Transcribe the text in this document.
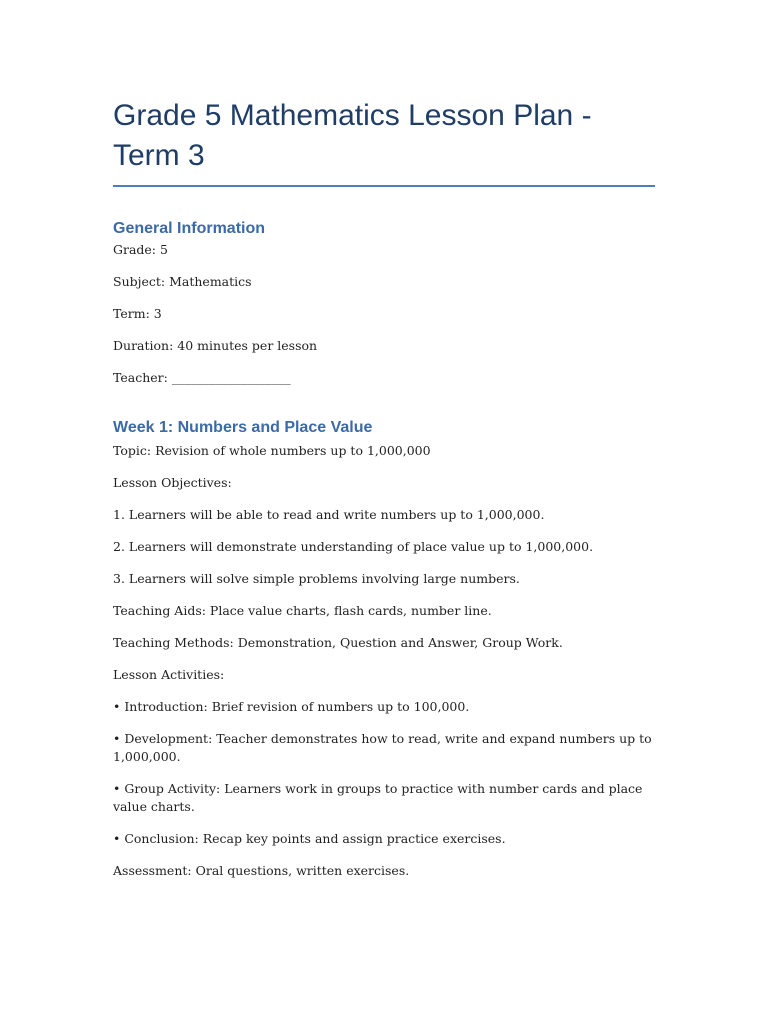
Grade 5 Mathematics Lesson Plan - Term 3
General Information

Grade: 5

Subject: Mathematics

Term: 3

Duration: 40 minutes per lesson

Teacher: ___________________

Week 1: Numbers and Place Value

Topic: Revision of whole numbers up to 1,000,000

Lesson Objectives:

1. Learners will be able to read and write numbers up to 1,000,000.

2. Learners will demonstrate understanding of place value up to 1,000,000.

3. Learners will solve simple problems involving large numbers.

Teaching Aids: Place value charts, flash cards, number line.

Teaching Methods: Demonstration, Question and Answer, Group Work.

Lesson Activities:

• Introduction: Brief revision of numbers up to 100,000.

• Development: Teacher demonstrates how to read, write and expand numbers up to 1,000,000.

• Group Activity: Learners work in groups to practice with number cards and place value charts.

• Conclusion: Recap key points and assign practice exercises.

Assessment: Oral questions, written exercises.
